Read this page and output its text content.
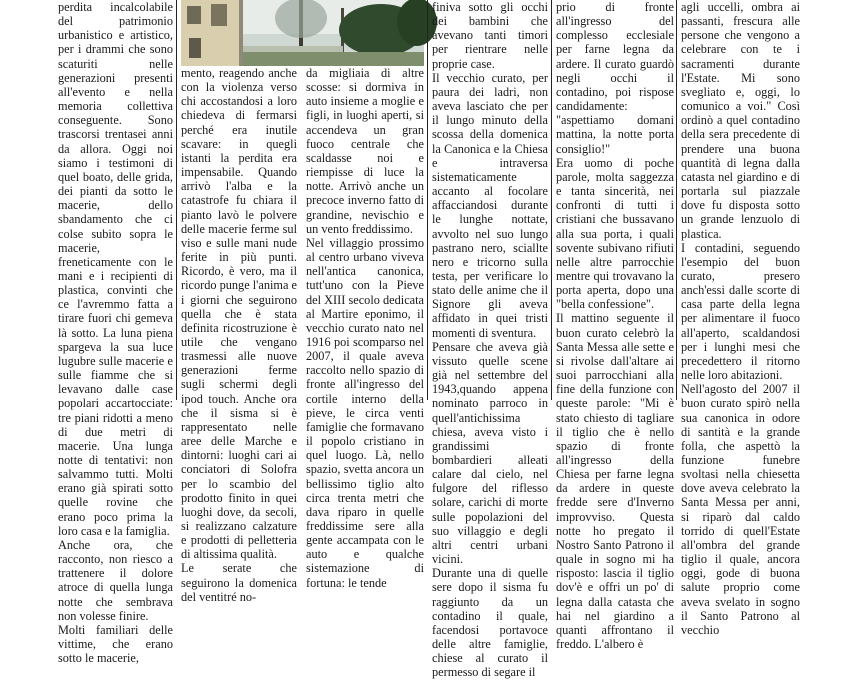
perdita incalcolabile del patrimonio urbanistico e artistico, per i drammi che sono scaturiti nelle generazioni presenti all'evento e nella memoria collettiva conseguente. Sono trascorsi trentasei anni da allora. Oggi noi siamo i testimoni di quel boato, delle grida, dei pianti da sotto le macerie, dello sbandamento che ci colse subito sopra le macerie, freneticamente con le mani e i recipienti di plastica, convinti che ce l'avremmo fatta a tirare fuori chi gemeva là sotto. La luna piena spargeva la sua luce lugubre sulle macerie e sulle fiamme che si levavano dalle case popolari accartocciate: tre piani ridotti a meno di due metri di macerie. Una lunga notte di tentativi: non salvammo tutti. Molti erano già spirati sotto quelle rovine che erano poco prima la loro casa e la famiglia.

Anche ora, che racconto, non riesco a trattenere il dolore atroce di quella lunga notte che sembrava non volesse finire.

Molti familiari delle vittime, che erano sotto le macerie,

mento, reagendo anche con la violenza verso chi accostandosi a loro chiedeva di fermarsi perché era inutile scavare: in quegli istanti la perdita era impensabile. Quando arrivò l'alba e la catastrofe fu chiara il pianto lavò le polvere delle macerie ferme sul viso e sulle mani nude ferite in più punti. Ricordo, è vero, ma il ricordo punge l'anima e i giorni che seguirono quella che è stata definita ricostruzione è utile che vengano trasmessi alle nuove generazioni ferme sugli schermi degli ipod touch. Anche ora che il sisma si è rappresentato nelle aree delle Marche e dintorni: luoghi cari ai conciatori di Solofra per lo scambio del prodotto finito in quei luoghi dove, da secoli, si realizzano calzature e prodotti di pelletteria di altissima qualità.

Le serate che seguirono la domenica del ventitré no-

da migliaia di altre scosse: si dormiva in auto insieme a moglie e figli, in luoghi aperti, si accendeva un gran fuoco centrale che scaldasse noi e riempisse di luce la notte. Arrivò anche un precoce inverno fatto di grandine, nevischio e un vento freddissimo.

Nel villaggio prossimo al centro urbano viveva nell'antica canonica, tutt'uno con la Pieve del XIII secolo dedicata al Martire eponimo, il vecchio curato nato nel 1916 poi scomparso nel 2007, il quale aveva raccolto nello spazio di fronte all'ingresso del cortile interno della pieve, le circa venti famiglie che formavano il popolo cristiano in quel luogo. Là, nello spazio, svetta ancora un bellissimo tiglio alto circa trenta metri che dava riparo in quelle freddissime sere alla gente accampata con le auto e qualche sistemazione di fortuna: le tende

finiva sotto gli occhi dei bambini che avevano tanti timori per rientrare nelle proprie case.

Il vecchio curato, per paura dei ladri, non aveva lasciato che per il lungo minuto della scossa della domenica la Canonica e la Chiesa e intraversa sistematicamente accanto al focolare affacciandosi durante le lunghe nottate, avvolto nel suo lungo pastrano nero, sciallte nero e tricorno sulla testa, per verificare lo stato delle anime che il Signore gli aveva affidato in quei tristi momenti di sventura.

Pensare che aveva già vissuto quelle scene già nel settembre del 1943,quando appena nominato parroco in quell'antichissima chiesa, aveva visto i grandissimi bombardieri alleati calare dal cielo, nel fulgore del riflesso solare, carichi di morte sulle popolazioni del suo villaggio e degli altri centri urbani vicini.

Durante una di quelle sere dopo il sisma fu raggiunto da un contadino il quale, facendosi portavoce delle altre famiglie, chiese al curato il permesso di segare il

prio di fronte all'ingresso del complesso ecclesiale per farne legna da ardere. Il curato guardò negli occhi il contadino, poi rispose candidamente: "aspettiamo domani mattina, la notte porta consiglio!"

Era uomo di poche parole, molta saggezza e tanta sincerità, nei confronti di tutti i cristiani che bussavano alla sua porta, i quali sovente subivano rifiuti nelle altre parrocchie mentre qui trovavano la porta aperta, dopo una "bella confessione".

Il mattino seguente il buon curato celebrò la Santa Messa alle sette e si rivolse dall'altare ai suoi parrocchiani alla fine della funzione con queste parole: "Mi è stato chiesto di tagliare il tiglio che è nello spazio di fronte all'ingresso della Chiesa per farne legna da ardere in queste fredde sere d'Inverno improvviso. Questa notte ho pregato il Nostro Santo Patrono il quale in sogno mi ha risposto: lascia il tiglio dov'è e offri un po' di legna dalla catasta che hai nel giardino a quanti affrontano il freddo. L'albero è

agli uccelli, ombra ai passanti, frescura alle persone che vengono a celebrare con te i sacramenti durante l'Estate. Mi sono svegliato e, oggi, lo comunico a voi." Così ordinò a quel contadino della sera precedente di prendere una buona quantità di legna dalla catasta nel giardino e di portarla sul piazzale dove fu disposta sotto un grande lenzuolo di plastica.

I contadini, seguendo l'esempio del buon curato, presero anch'essi dalle scorte di casa parte della legna per alimentare il fuoco all'aperto, scaldandosi per i lunghi mesi che precedettero il ritorno nelle loro abitazioni.

Nell'agosto del 2007 il buon curato spirò nella sua canonica in odore di santità e la grande folla, che aspettò la funzione funebre svoltasi nella chiesetta dove aveva celebrato la Santa Messa per anni, si riparò dal caldo torrido di quell'Estate all'ombra del grande tiglio il quale, ancora oggi, gode di buona salute proprio come aveva svelato in sogno il Santo Patrono al vecchio
